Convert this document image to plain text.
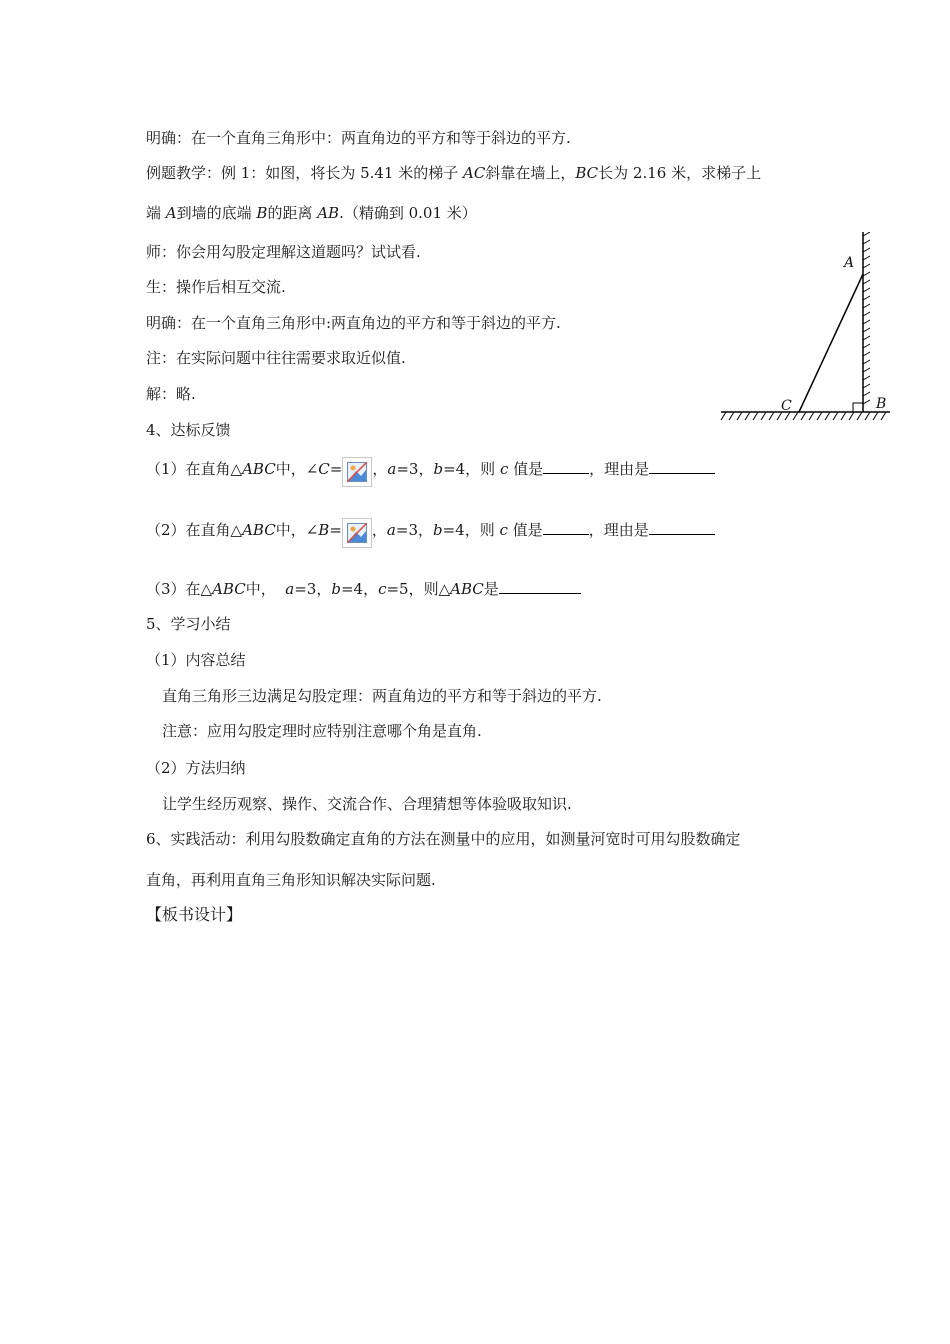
明确：在一个直角三角形中：两直角边的平方和等于斜边的平方.
例题教学：例 1：如图，将长为 5.41 米的梯子 AC斜靠在墙上，BC长为 2.16 米，求梯子上
端 A到墙的底端 B的距离 AB.（精确到 0.01 米）
师：你会用勾股定理解这道题吗？试试看.
生：操作后相互交流.
明确：在一个直角三角形中:两直角边的平方和等于斜边的平方.
注：在实际问题中往往需要求取近似值.
解：略.
4、达标反馈
（1）在直角△ABC中，∠C= ，a=3，b=4，则 c 值是	，理由是
（2）在直角△ABC中，∠B= ，a=3，b=4，则 c 值是	，理由是
（3）在△ABC中，  a=3，b=4，c=5，则△ABC是
5、学习小结
（1）内容总结
直角三角形三边满足勾股定理：两直角边的平方和等于斜边的平方.
注意：应用勾股定理时应特别注意哪个角是直角.
（2）方法归纳
让学生经历观察、操作、交流合作、合理猜想等体验吸取知识.
6、实践活动：利用勾股数确定直角的方法在测量中的应用，如测量河宽时可用勾股数确定
直角，再利用直角三角形知识解决实际问题.
【板书设计】
A
B
C
